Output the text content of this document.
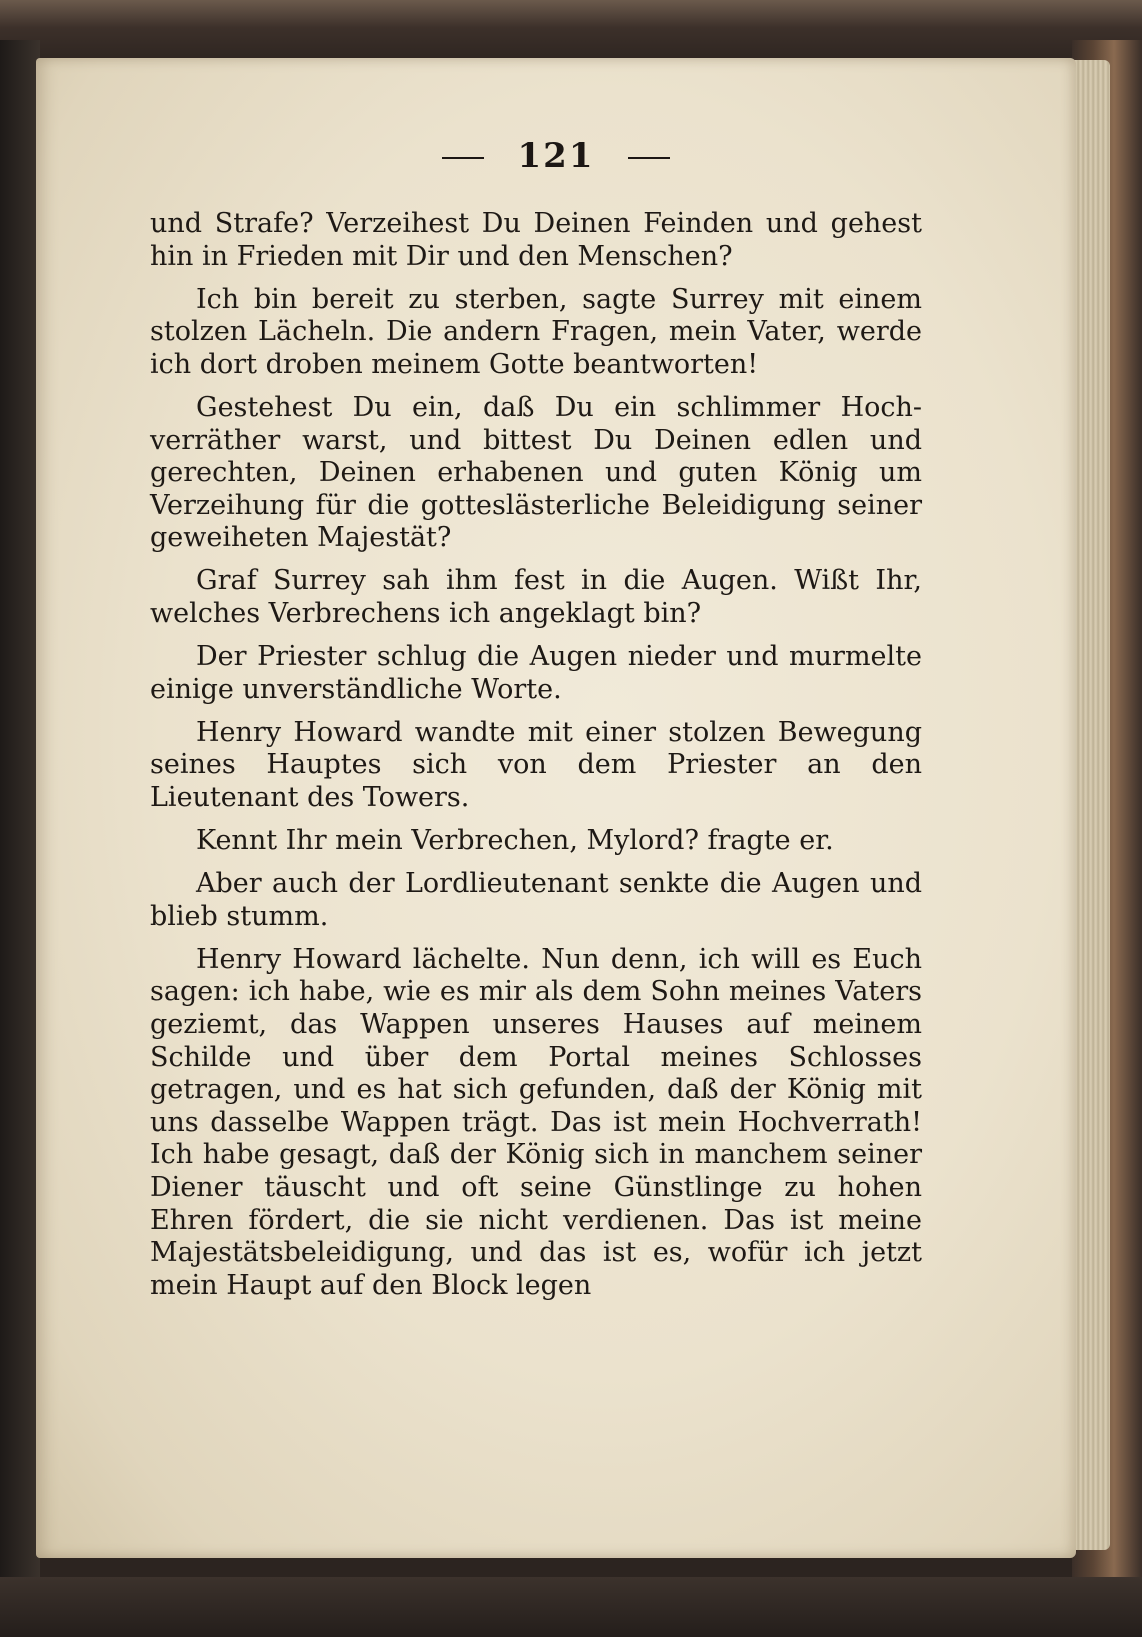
121

und Strafe? Verzeihest Du Deinen Feinden und gehest hin in Frieden mit Dir und den Menschen?

Ich bin bereit zu sterben, sagte Surrey mit einem stolzen Lächeln. Die andern Fragen, mein Vater, werde ich dort droben meinem Gotte beantworten!

Gestehest Du ein, daß Du ein schlimmer Hochverräther warst, und bittest Du Deinen edlen und gerechten, Deinen erhabenen und guten König um Verzeihung für die gotteslästerliche Beleidigung seiner geweiheten Majestät?

Graf Surrey sah ihm fest in die Augen. Wißt Ihr, welches Verbrechens ich angeklagt bin?

Der Priester schlug die Augen nieder und murmelte einige unverständliche Worte.

Henry Howard wandte mit einer stolzen Bewegung seines Hauptes sich von dem Priester an den Lieutenant des Towers.

Kennt Ihr mein Verbrechen, Mylord? fragte er.

Aber auch der Lordlieutenant senkte die Augen und blieb stumm.

Henry Howard lächelte. Nun denn, ich will es Euch sagen: ich habe, wie es mir als dem Sohn meines Vaters geziemt, das Wappen unseres Hauses auf meinem Schilde und über dem Portal meines Schlosses getragen, und es hat sich gefunden, daß der König mit uns dasselbe Wappen trägt. Das ist mein Hochverrath! Ich habe gesagt, daß der König sich in manchem seiner Diener täuscht und oft seine Günstlinge zu hohen Ehren fördert, die sie nicht verdienen. Das ist meine Majestätsbeleidigung, und das ist es, wofür ich jetzt mein Haupt auf den Block legen
